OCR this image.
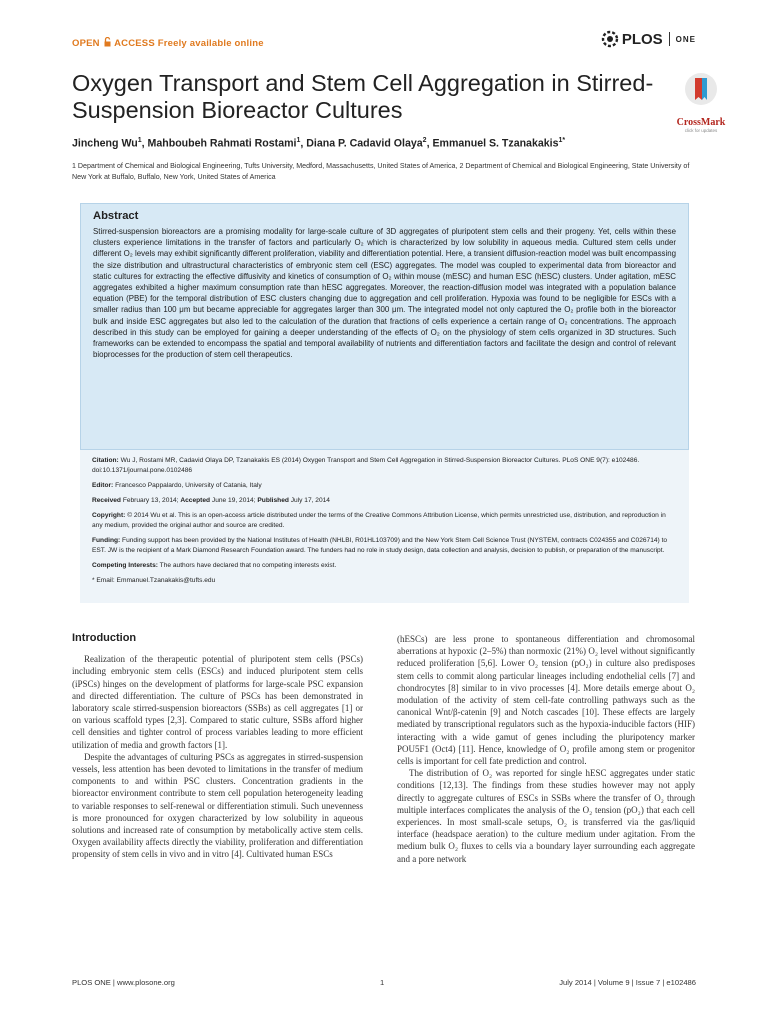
OPEN ACCESS Freely available online	PLOS ONE
Oxygen Transport and Stem Cell Aggregation in Stirred-Suspension Bioreactor Cultures	CrossMark
click for updates
Jincheng Wu$^1$, Mahboubeh Rahmati Rostami$^1$, Diana P. Cadavid Olaya$^2$, Emmanuel S. Tzanakakis$^{1*}$
1 Department of Chemical and Biological Engineering, Tufts University, Medford, Massachusetts, United States of America, 2 Department of Chemical and Biological Engineering, State University of New York at Buffalo, Buffalo, New York, United States of America
Abstract

Stirred-suspension bioreactors are a promising modality for large-scale culture of 3D aggregates of pluripotent stem cells and their progeny. Yet, cells within these clusters experience limitations in the transfer of factors and particularly O₂ which is characterized by low solubility in aqueous media. Cultured stem cells under different O₂ levels may exhibit significantly different proliferation, viability and differentiation potential. Here, a transient diffusion-reaction model was built encompassing the size distribution and ultrastructural characteristics of embryonic stem cell (ESC) aggregates. The model was coupled to experimental data from bioreactor and static cultures for extracting the effective diffusivity and kinetics of consumption of O₂ within mouse (mESC) and human ESC (hESC) clusters. Under agitation, mESC aggregates exhibited a higher maximum consumption rate than hESC aggregates. Moreover, the reaction-diffusion model was integrated with a population balance equation (PBE) for the temporal distribution of ESC clusters changing due to aggregation and cell proliferation. Hypoxia was found to be negligible for ESCs with a smaller radius than 100 μm but became appreciable for aggregates larger than 300 μm. The integrated model not only captured the O₂ profile both in the bioreactor bulk and inside ESC aggregates but also led to the calculation of the duration that fractions of cells experience a certain range of O₂ concentrations. The approach described in this study can be employed for gaining a deeper understanding of the effects of O₂ on the physiology of stem cells organized in 3D structures. Such frameworks can be extended to encompass the spatial and temporal availability of nutrients and differentiation factors and facilitate the design and control of relevant bioprocesses for the production of stem cell therapeutics.

Citation: Wu J, Rostami MR, Cadavid Olaya DP, Tzanakakis ES (2014) Oxygen Transport and Stem Cell Aggregation in Stirred-Suspension Bioreactor Cultures. PLoS ONE 9(7): e102486. doi:10.1371/journal.pone.0102486
Editor: Francesco Pappalardo, University of Catania, Italy
Received February 13, 2014; Accepted June 19, 2014; Published July 17, 2014
Copyright: © 2014 Wu et al. This is an open-access article distributed under the terms of the Creative Commons Attribution License, which permits unrestricted use, distribution, and reproduction in any medium, provided the original author and source are credited.
Funding: Funding support has been provided by the National Institutes of Health (NHLBI, R01HL103709) and the New York Stem Cell Science Trust (NYSTEM, contracts C024355 and C026714) to EST. JW is the recipient of a Mark Diamond Research Foundation award. The funders had no role in study design, data collection and analysis, decision to publish, or preparation of the manuscript.
Competing Interests: The authors have declared that no competing interests exist.
* Email: Emmanuel.Tzanakakis@tufts.edu
Introduction

Realization of the therapeutic potential of pluripotent stem cells (PSCs) including embryonic stem cells (ESCs) and induced pluripotent stem cells (iPSCs) hinges on the development of platforms for large-scale PSC expansion and directed differentiation. The culture of PSCs has been demonstrated in laboratory scale stirred-suspension bioreactors (SSBs) as cell aggregates [1] or on various scaffold types [2,3]. Compared to static culture, SSBs afford higher cell densities and tighter control of process variables leading to more efficient utilization of media and growth factors [1].

Despite the advantages of culturing PSCs as aggregates in stirred-suspension vessels, less attention has been devoted to limitations in the transfer of medium components to and within PSC clusters. Concentration gradients in the bioreactor environment contribute to stem cell population heterogeneity leading to variable responses to self-renewal or differentiation stimuli. Such unevenness is more pronounced for oxygen characterized by low solubility in aqueous solutions and increased rate of consumption by metabolically active stem cells. Oxygen availability affects directly the viability, proliferation and differentiation propensity of stem cells in vivo and in vitro [4]. Cultivated human ESCs

(hESCs) are less prone to spontaneous differentiation and chromosomal aberrations at hypoxic (2–5%) than normoxic (21%) O₂ level without significantly reduced proliferation [5,6]. Lower O₂ tension (pO₂) in culture also predisposes stem cells to commit along particular lineages including endothelial cells [7] and chondrocytes [8] similar to in vivo processes [4]. More details emerge about O₂ modulation of the activity of stem cell-fate controlling pathways such as the canonical Wnt/β-catenin [9] and Notch cascades [10]. These effects are largely mediated by transcriptional regulators such as the hypoxia-inducible factors (HIF) interacting with a wide gamut of genes including the pluripotency marker POU5F1 (Oct4) [11]. Hence, knowledge of O₂ profile among stem or progenitor cells is important for cell fate prediction and control.

The distribution of O₂ was reported for single hESC aggregates under static conditions [12,13]. The findings from these studies however may not apply directly to aggregate cultures of ESCs in SSBs where the transfer of O₂ through multiple interfaces complicates the analysis of the O₂ tension (pO₂) that each cell experiences. In most small-scale setups, O₂ is transferred via the gas/liquid interface (headspace aeration) to the culture medium under agitation. From the medium bulk O₂ fluxes to cells via a boundary layer surrounding each aggregate and a pore network

PLOS ONE | www.plosone.org	1	July 2014 | Volume 9 | Issue 7 | e102486
